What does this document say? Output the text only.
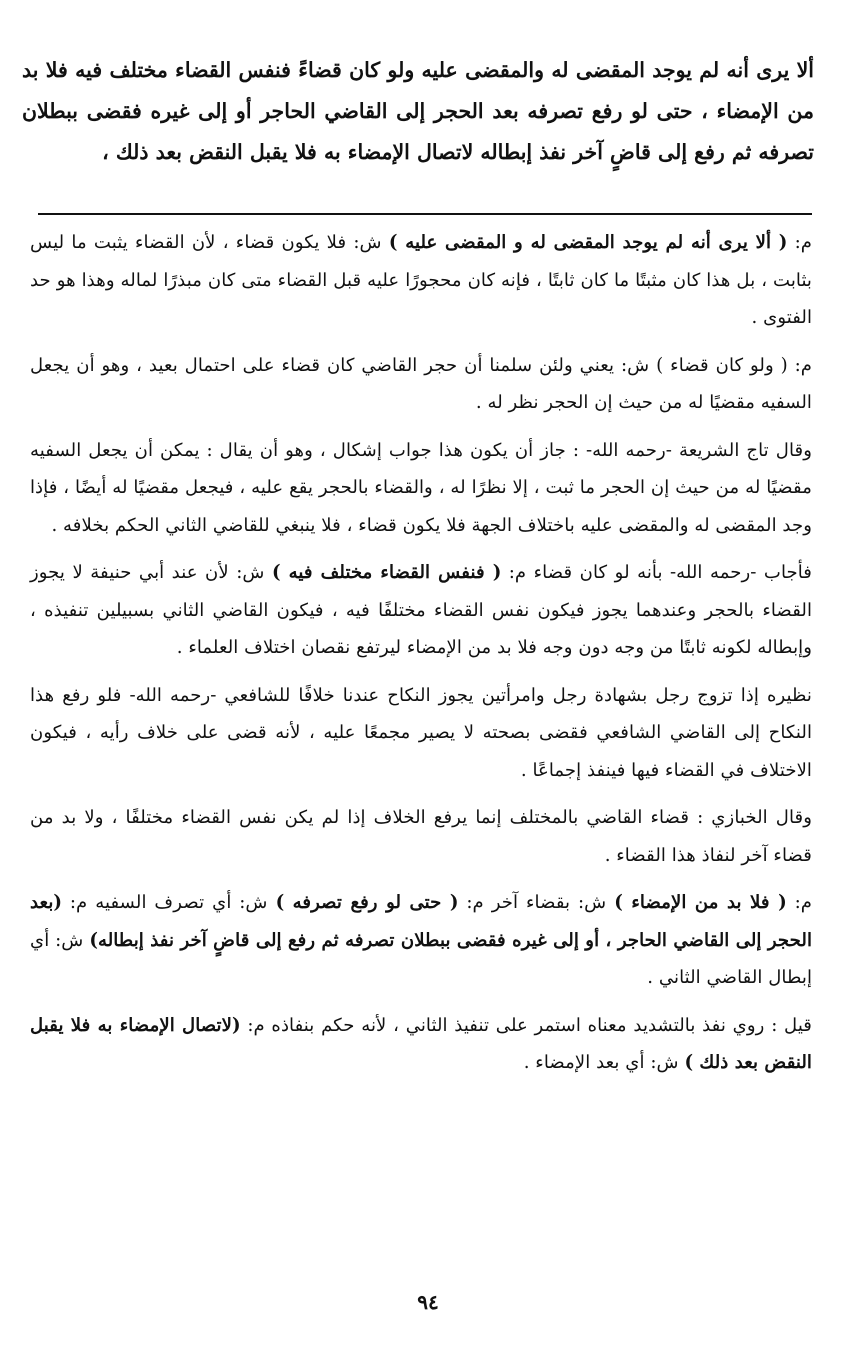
ألا يرى أنه لم يوجد المقضى له والمقضى عليه ولو كان قضاءً فنفس القضاء مختلف فيه فلا بد من الإمضاء ، حتى لو رفع تصرفه بعد الحجر إلى القاضي الحاجر أو إلى غيره فقضى ببطلان تصرفه ثم رفع إلى قاضٍ آخر نفذ إبطاله لاتصال الإمضاء به فلا يقبل النقض بعد ذلك ،

م: ( ألا يرى أنه لم يوجد المقضى له و المقضى عليه ) ش: فلا يكون قضاء ، لأن القضاء يثبت ما ليس بثابت ، بل هذا كان مثبتًا ما كان ثابتًا ، فإنه كان محجورًا عليه قبل القضاء متى كان مبذرًا لماله وهذا هو حد الفتوى .

م: ( ولو كان قضاء ) ش: يعني ولئن سلمنا أن حجر القاضي كان قضاء على احتمال بعيد ، وهو أن يجعل السفيه مقضيًا له من حيث إن الحجر نظر له .

وقال تاج الشريعة -رحمه الله- : جاز أن يكون هذا جواب إشكال ، وهو أن يقال : يمكن أن يجعل السفيه مقضيًا له من حيث إن الحجر ما ثبت ، إلا نظرًا له ، والقضاء بالحجر يقع عليه ، فيجعل مقضيًا له أيضًا ، فإذا وجد المقضى له والمقضى عليه باختلاف الجهة فلا يكون قضاء ، فلا ينبغي للقاضي الثاني الحكم بخلافه .

فأجاب -رحمه الله- بأنه لو كان قضاء م: ( فنفس القضاء مختلف فيه ) ش: لأن عند أبي حنيفة لا يجوز القضاء بالحجر وعندهما يجوز فيكون نفس القضاء مختلفًا فيه ، فيكون القاضي الثاني بسبيلين تنفيذه ، وإبطاله لكونه ثابتًا من وجه دون وجه فلا بد من الإمضاء ليرتفع نقصان اختلاف العلماء .

نظيره إذا تزوج رجل بشهادة رجل وامرأتين يجوز النكاح عندنا خلافًا للشافعي -رحمه الله- فلو رفع هذا النكاح إلى القاضي الشافعي فقضى بصحته لا يصير مجمعًا عليه ، لأنه قضى على خلاف رأيه ، فيكون الاختلاف في القضاء فيها فينفذ إجماعًا .

وقال الخبازي : قضاء القاضي بالمختلف إنما يرفع الخلاف إذا لم يكن نفس القضاء مختلفًا ، ولا بد من قضاء آخر لنفاذ هذا القضاء .

م: ( فلا بد من الإمضاء ) ش: بقضاء آخر م: ( حتى لو رفع تصرفه ) ش: أي تصرف السفيه م: (بعد الحجر إلى القاضي الحاجر ، أو إلى غيره فقضى ببطلان تصرفه ثم رفع إلى قاضٍ آخر نفذ إبطاله) ش: أي إبطال القاضي الثاني .

قيل : روي نفذ بالتشديد معناه استمر على تنفيذ الثاني ، لأنه حكم بنفاذه م: (لاتصال الإمضاء به فلا يقبل النقض بعد ذلك ) ش: أي بعد الإمضاء .

٩٤
